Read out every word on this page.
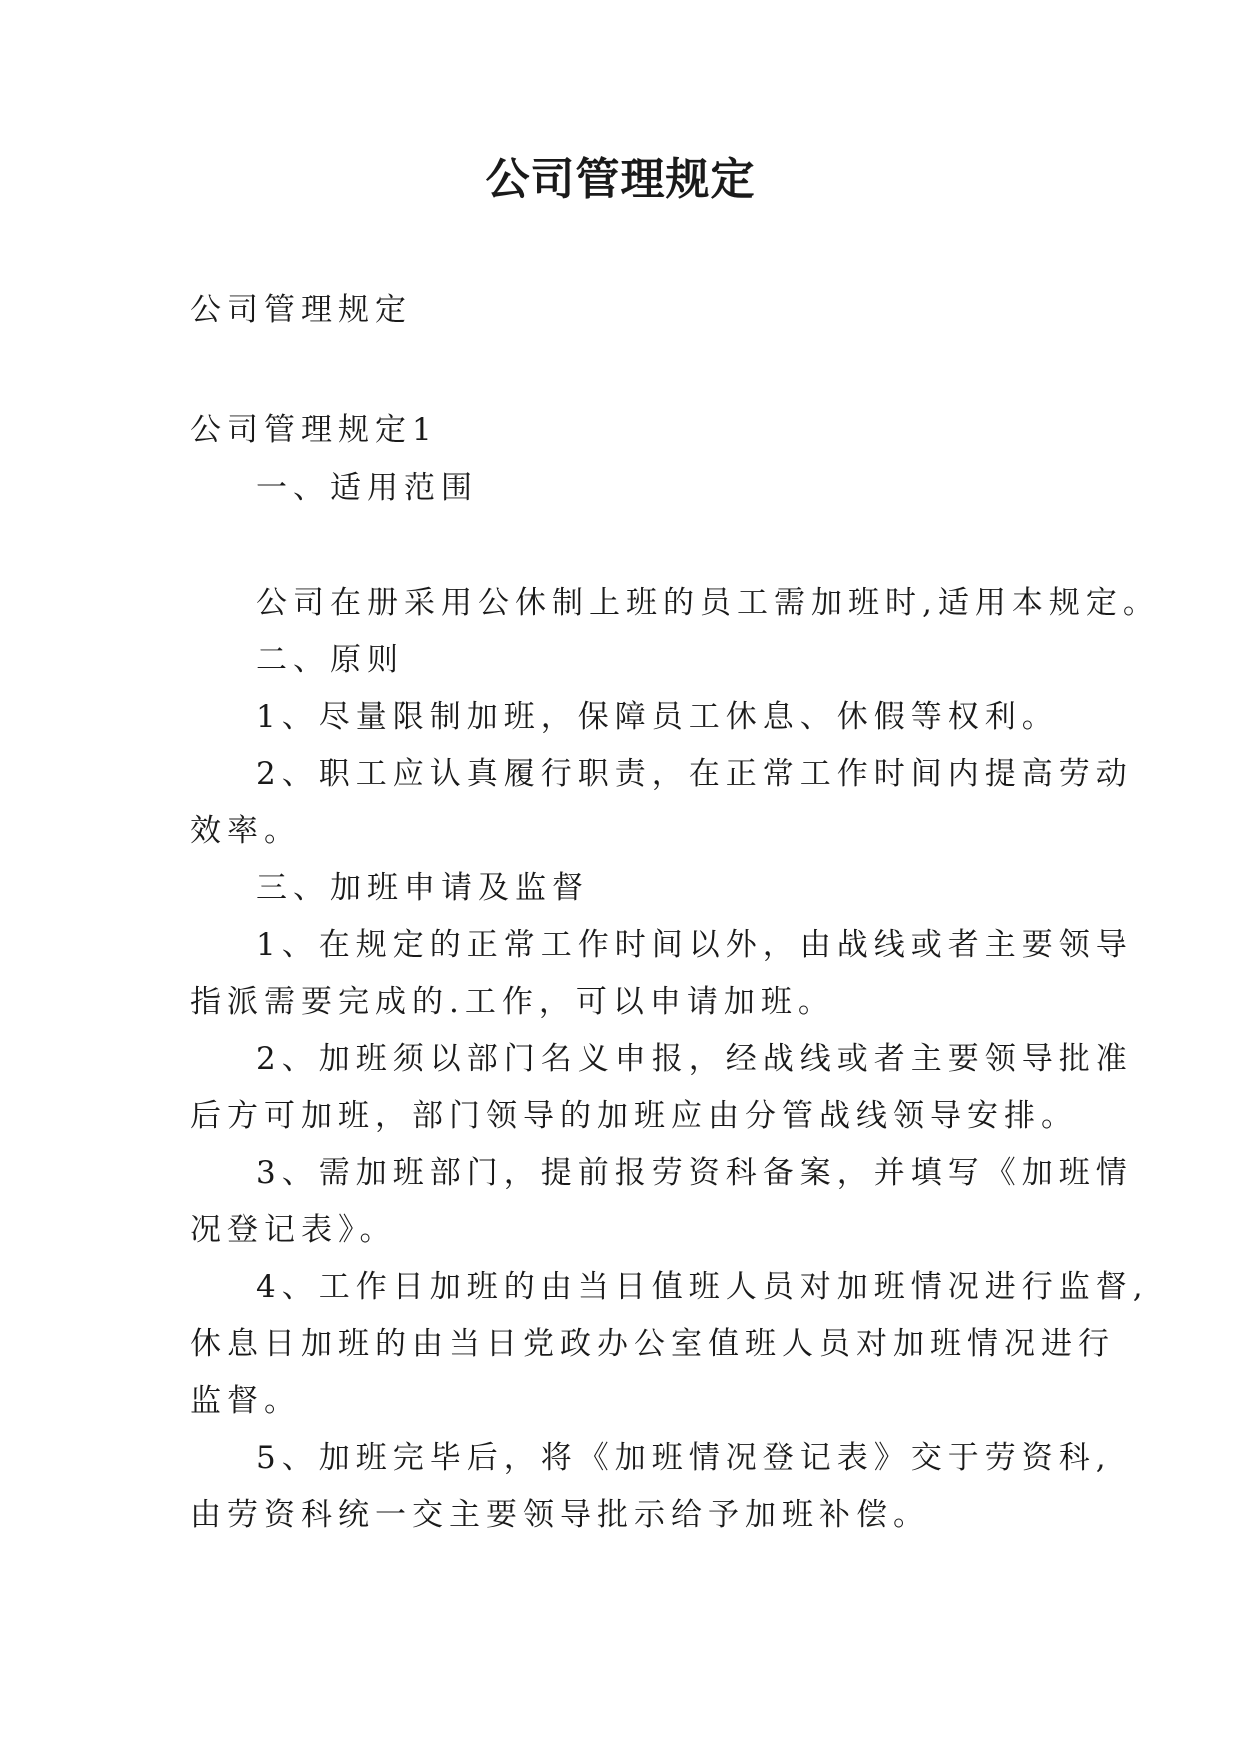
公司管理规定
公司管理规定
公司管理规定1
一、适用范围
公司在册采用公休制上班的员工需加班时,适用本规定。
二、原则
1、尽量限制加班，保障员工休息、休假等权利。
2、职工应认真履行职责，在正常工作时间内提高劳动
效率。
三、加班申请及监督
1、在规定的正常工作时间以外，由战线或者主要领导
指派需要完成的.工作，可以申请加班。
2、加班须以部门名义申报，经战线或者主要领导批准
后方可加班，部门领导的加班应由分管战线领导安排。
3、需加班部门，提前报劳资科备案，并填写《加班情
况登记表》。
4、工作日加班的由当日值班人员对加班情况进行监督,
休息日加班的由当日党政办公室值班人员对加班情况进行
监督。
5、加班完毕后，将《加班情况登记表》交于劳资科,
由劳资科统一交主要领导批示给予加班补偿。
